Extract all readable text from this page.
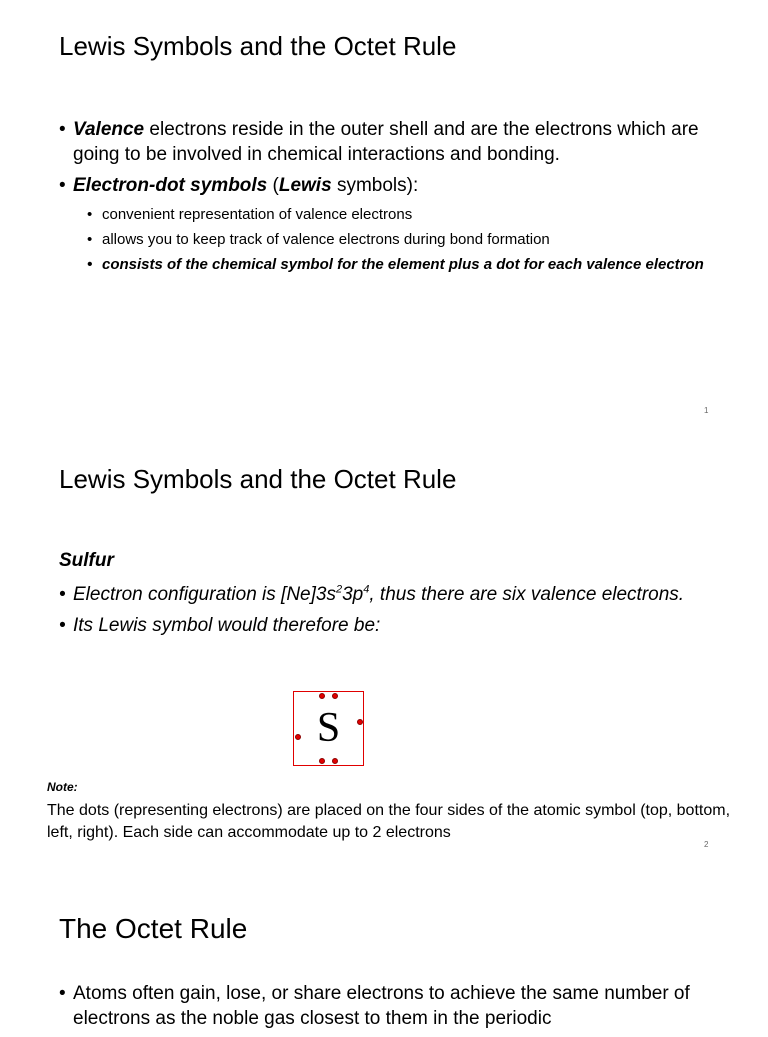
Lewis Symbols and the Octet Rule
• Valence electrons reside in the outer shell and are the electrons which are going to be involved in chemical interactions and bonding.
• Electron-dot symbols (Lewis symbols):
• convenient representation of valence electrons
• allows you to keep track of valence electrons during bond formation
• consists of the chemical symbol for the element plus a dot for each valence electron
1
Lewis Symbols and the Octet Rule
Sulfur
• Electron configuration is $[Ne]3s^23p^4$, thus there are six valence electrons.
• Its Lewis symbol would therefore be:
S
Note:
The dots (representing electrons) are placed on the four sides of the atomic symbol (top, bottom, left, right). Each side can accommodate up to 2 electrons
2
The Octet Rule
• Atoms often gain, lose, or share electrons to achieve the same number of electrons as the noble gas closest to them in the periodic
